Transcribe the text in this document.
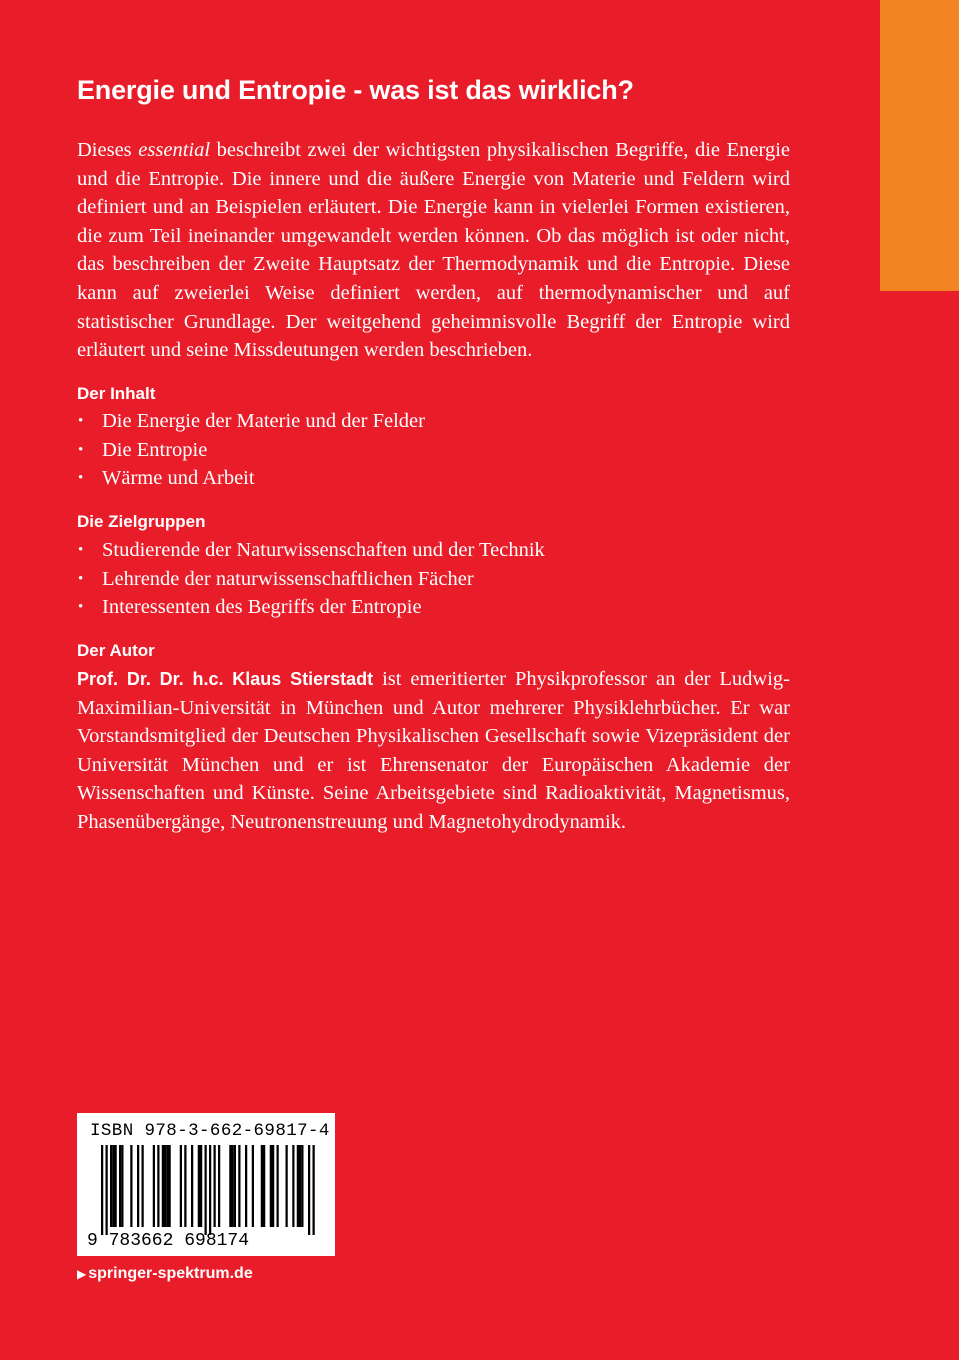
Energie und Entropie - was ist das wirklich?

Dieses essential beschreibt zwei der wichtigsten physikalischen Begriffe, die Energie und die Entropie. Die innere und die äußere Energie von Materie und Feldern wird definiert und an Beispielen erläutert. Die Energie kann in vielerlei Formen existieren, die zum Teil ineinander umgewandelt werden können. Ob das möglich ist oder nicht, das beschreiben der Zweite Hauptsatz der Thermodynamik und die Entropie. Diese kann auf zweierlei Weise definiert werden, auf thermodynamischer und auf statistischer Grundlage. Der weitgehend geheimnisvolle Begriff der Entropie wird erläutert und seine Missdeutungen werden beschrieben.

Der Inhalt
• Die Energie der Materie und der Felder
• Die Entropie
• Wärme und Arbeit
Die Zielgruppen
• Studierende der Naturwissenschaften und der Technik
• Lehrende der naturwissenschaftlichen Fächer
• Interessenten des Begriffs der Entropie
Der Autor

Prof. Dr. Dr. h.c. Klaus Stierstadt ist emeritierter Physikprofessor an der Ludwig-Maximilian-Universität in München und Autor mehrerer Physiklehrbücher. Er war Vorstandsmitglied der Deutschen Physikalischen Gesellschaft sowie Vizepräsident der Universität München und er ist Ehrensenator der Europäischen Akademie der Wissenschaften und Künste. Seine Arbeitsgebiete sind Radioaktivität, Magnetismus, Phasenübergänge, Neutronenstreuung und Magnetohydrodynamik.

ISBN 978-3-662-69817-4
9 783662 698174
▶ springer-spektrum.de
